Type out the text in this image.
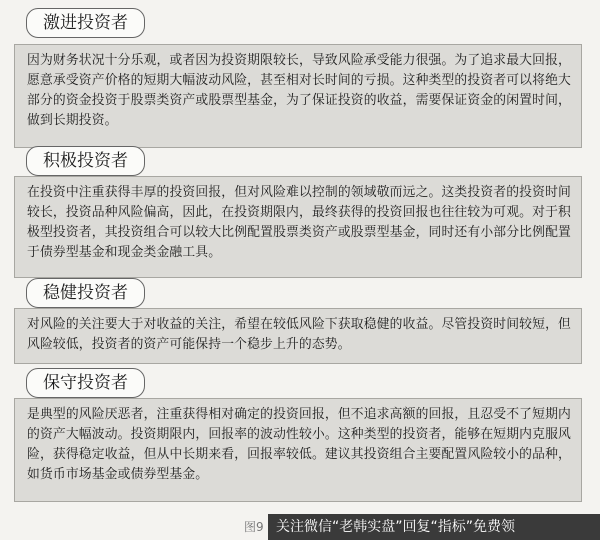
激进投资者
因为财务状况十分乐观，或者因为投资期限较长，导致风险承受能力很强。为了追求最大回报，愿意承受资产价格的短期大幅波动风险，甚至相对长时间的亏损。这种类型的投资者可以将绝大部分的资金投资于股票类资产或股票型基金，为了保证投资的收益，需要保证资金的闲置时间，做到长期投资。
积极投资者
在投资中注重获得丰厚的投资回报，但对风险难以控制的领域敬而远之。这类投资者的投资时间较长，投资品种风险偏高，因此，在投资期限内，最终获得的投资回报也往往较为可观。对于积极型投资者，其投资组合可以较大比例配置股票类资产或股票型基金，同时还有小部分比例配置于债券型基金和现金类金融工具。
稳健投资者
对风险的关注要大于对收益的关注，希望在较低风险下获取稳健的收益。尽管投资时间较短，但风险较低，投资者的资产可能保持一个稳步上升的态势。
保守投资者
是典型的风险厌恶者，注重获得相对确定的投资回报，但不追求高额的回报，且忍受不了短期内的资产大幅波动。投资期限内，回报率的波动性较小。这种类型的投资者，能够在短期内克服风险，获得稳定收益，但从中长期来看，回报率较低。建议其投资组合主要配置风险较小的品种，如货币市场基金或债券型基金。
图9 关注微信“老韩实盘”回复“指标”免费领
